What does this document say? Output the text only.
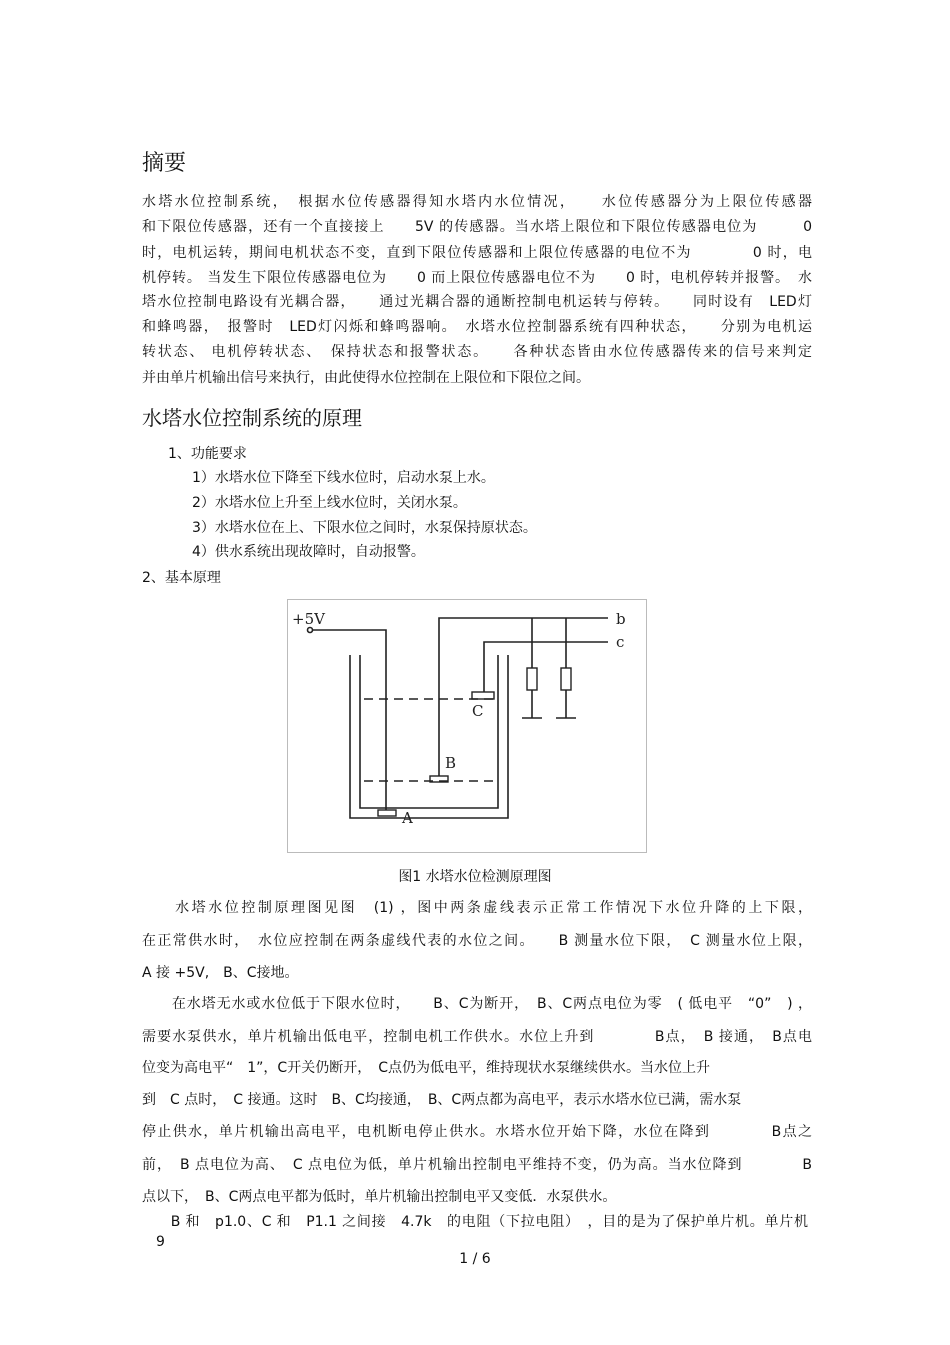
摘要
水塔水位控制系统，　根据水位传感器得知水塔内水位情况，　　水位传感器分为上限位传感器
和下限位传感器，还有一个直接接上　　5V 的传感器。当水塔上限位和下限位传感器电位为　　　0
时，电机运转，期间电机状态不变，直到下限位传感器和上限位传感器的电位不为　　　　0 时，电
机停转。 当发生下限位传感器电位为　　0 而上限位传感器电位不为　　0 时，电机停转并报警。　水
塔水位控制电路设有光耦合器，　　通过光耦合器的通断控制电机运转与停转。　　同时设有　LED灯
和蜂鸣器，　报警时　LED灯闪烁和蜂鸣器响。　水塔水位控制器系统有四种状态，　　分别为电机运
转状态、 电机停转状态、　保持状态和报警状态。　　各种状态皆由水位传感器传来的信号来判定
并由单片机输出信号来执行，由此使得水位控制在上限位和下限位之间。
水塔水位控制系统的原理
1、功能要求
1）水塔水位下降至下线水位时，启动水泵上水。
2）水塔水位上升至上线水位时，关闭水泵。
3）水塔水位在上、下限水位之间时，水泵保持原状态。
4）供水系统出现故障时，自动报警。
2、基本原理
+5V	b
c
A
B
C
图1 水塔水位检测原理图
　　水塔水位控制原理图见图　(1) ，图中两条虚线表示正常工作情况下水位升降的上下限，
在正常供水时，　水位应控制在两条虚线代表的水位之间。　　B 测量水位下限，　C 测量水位上限，
A 接 +5V,　B、C接地。
　　在水塔无水或水位低于下限水位时，　　B、C为断开，　B、C两点电位为零　( 低电平　“0”　) ，
需要水泵供水，单片机输出低电平，控制电机工作供水。水位上升到　　　　B点，　B 接通，　B点电
位变为高电平“　1”，C开关仍断开，　C点仍为低电平，维持现状水泵继续供水。当水位上升
到　C 点时，　C 接通。这时　B、C均接通，　B、C两点都为高电平，表示水塔水位已满，需水泵
停止供水，单片机输出高电平，电机断电停止供水。水塔水位开始下降，水位在降到　　　　B点之
前，　B 点电位为高、　C 点电位为低，单片机输出控制电平维持不变，仍为高。当水位降到　　　　B
点以下，　B、C两点电平都为低时，单片机输出控制电平又变低．水泵供水。
　B 和　p1.0、C 和　P1.1 之间接　4.7k　的电阻（下拉电阻）　，目的是为了保护单片机。单片机　　9
1 / 6
